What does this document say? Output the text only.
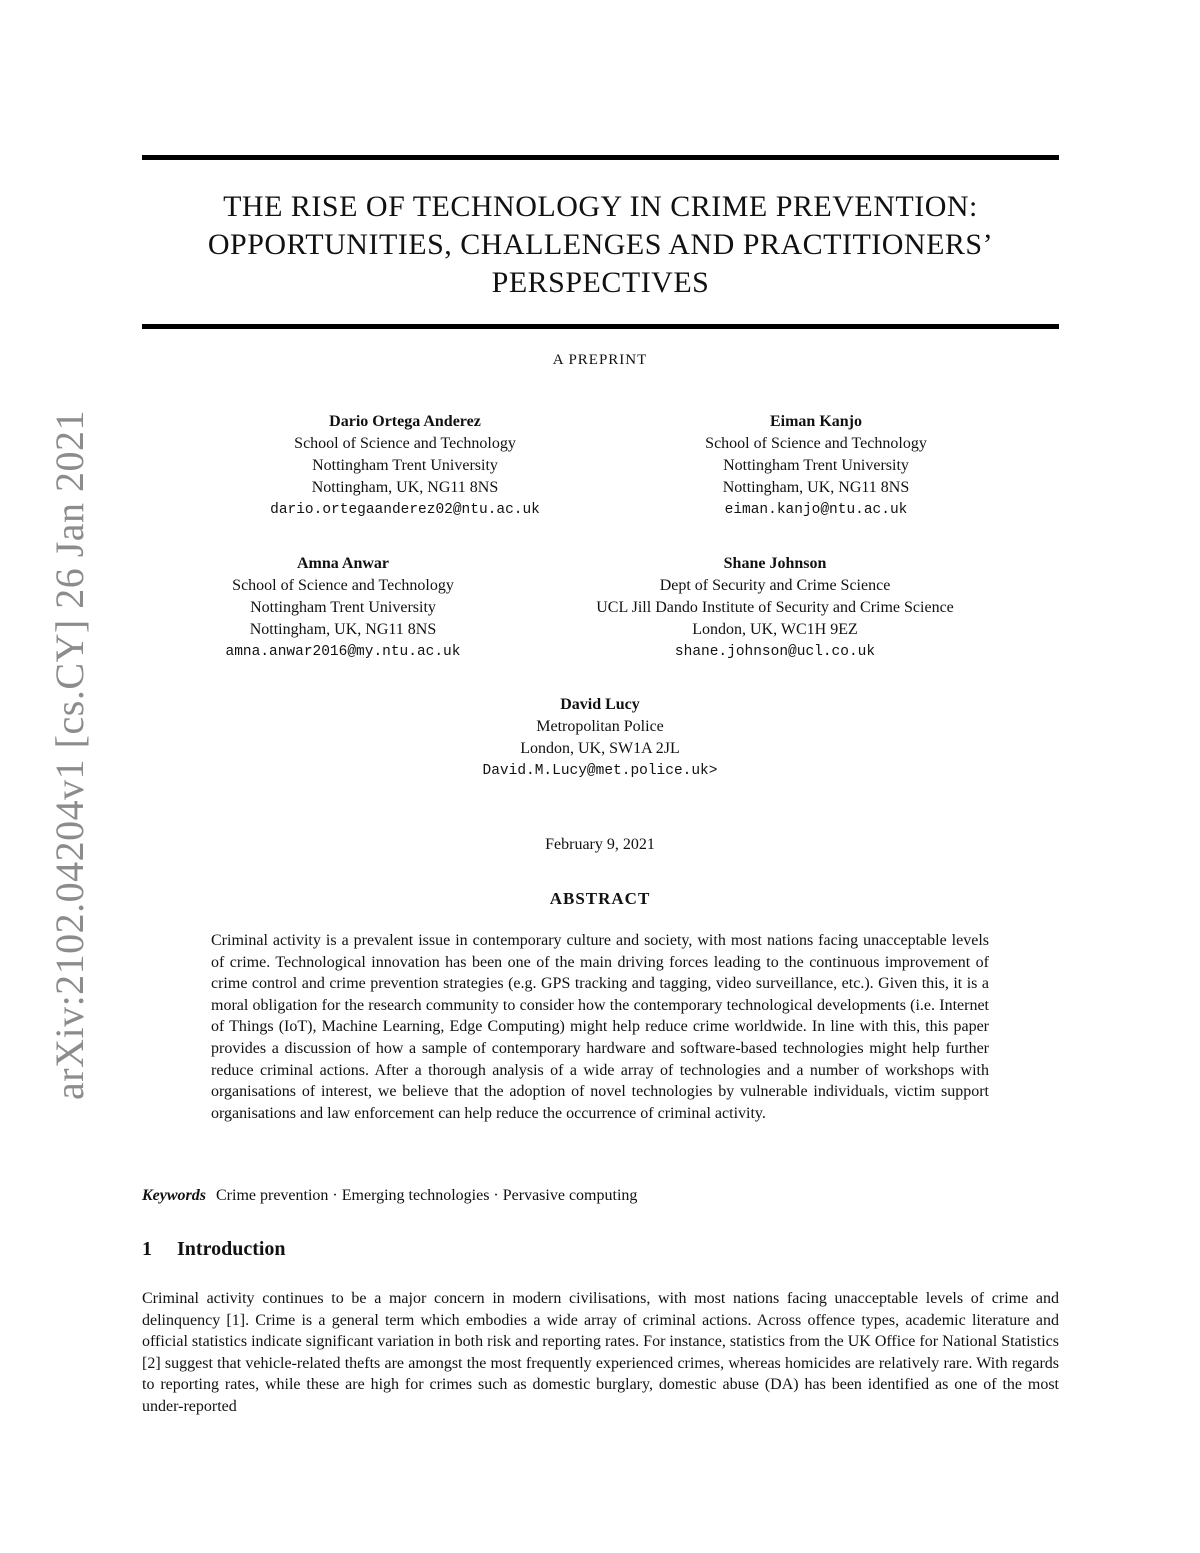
arXiv:2102.04204v1 [cs.CY] 26 Jan 2021
THE RISE OF TECHNOLOGY IN CRIME PREVENTION:
OPPORTUNITIES, CHALLENGES AND PRACTITIONERS’
PERSPECTIVES
A PREPRINT
Dario Ortega Anderez
School of Science and Technology
Nottingham Trent University
Nottingham, UK, NG11 8NS
dario.ortegaanderez02@ntu.ac.uk
Eiman Kanjo
School of Science and Technology
Nottingham Trent University
Nottingham, UK, NG11 8NS
eiman.kanjo@ntu.ac.uk
Amna Anwar
School of Science and Technology
Nottingham Trent University
Nottingham, UK, NG11 8NS
amna.anwar2016@my.ntu.ac.uk
Shane Johnson
Dept of Security and Crime Science
UCL Jill Dando Institute of Security and Crime Science
London, UK, WC1H 9EZ
shane.johnson@ucl.co.uk
David Lucy
Metropolitan Police
London, UK, SW1A 2JL
David.M.Lucy@met.police.uk>
February 9, 2021
ABSTRACT

Criminal activity is a prevalent issue in contemporary culture and society, with most nations facing unacceptable levels of crime. Technological innovation has been one of the main driving forces leading to the continuous improvement of crime control and crime prevention strategies (e.g. GPS tracking and tagging, video surveillance, etc.). Given this, it is a moral obligation for the research community to consider how the contemporary technological developments (i.e. Internet of Things (IoT), Machine Learning, Edge Computing) might help reduce crime worldwide. In line with this, this paper provides a discussion of how a sample of contemporary hardware and software-based technologies might help further reduce criminal actions. After a thorough analysis of a wide array of technologies and a number of workshops with organisations of interest, we believe that the adoption of novel technologies by vulnerable individuals, victim support organisations and law enforcement can help reduce the occurrence of criminal activity.

Keywords Crime prevention · Emerging technologies · Pervasive computing
1 Introduction

Criminal activity continues to be a major concern in modern civilisations, with most nations facing unacceptable levels of crime and delinquency [1]. Crime is a general term which embodies a wide array of criminal actions. Across offence types, academic literature and official statistics indicate significant variation in both risk and reporting rates. For instance, statistics from the UK Office for National Statistics [2] suggest that vehicle-related thefts are amongst the most frequently experienced crimes, whereas homicides are relatively rare. With regards to reporting rates, while these are high for crimes such as domestic burglary, domestic abuse (DA) has been identified as one of the most under-reported
